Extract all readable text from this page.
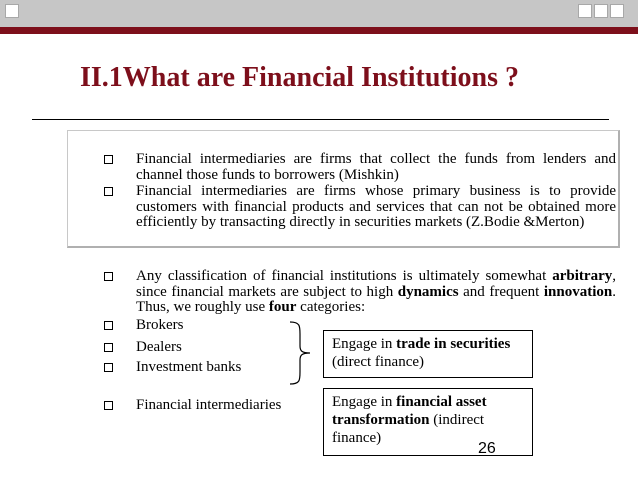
II.1What are Financial Institutions ?
Financial intermediaries are firms that collect the funds from lenders and channel those funds to borrowers (Mishkin)
Financial intermediaries are firms whose primary business is to provide customers with financial products and services that can not be obtained more efficiently by transacting directly in securities markets (Z.Bodie &Merton)
Any classification of financial institutions is ultimately somewhat arbitrary, since financial markets are subject to high dynamics and frequent innovation. Thus, we roughly use four categories:
Brokers
Dealers
Investment banks
Financial intermediaries
Engage in trade in securities (direct finance)
Engage in financial asset transformation (indirect finance)
26
